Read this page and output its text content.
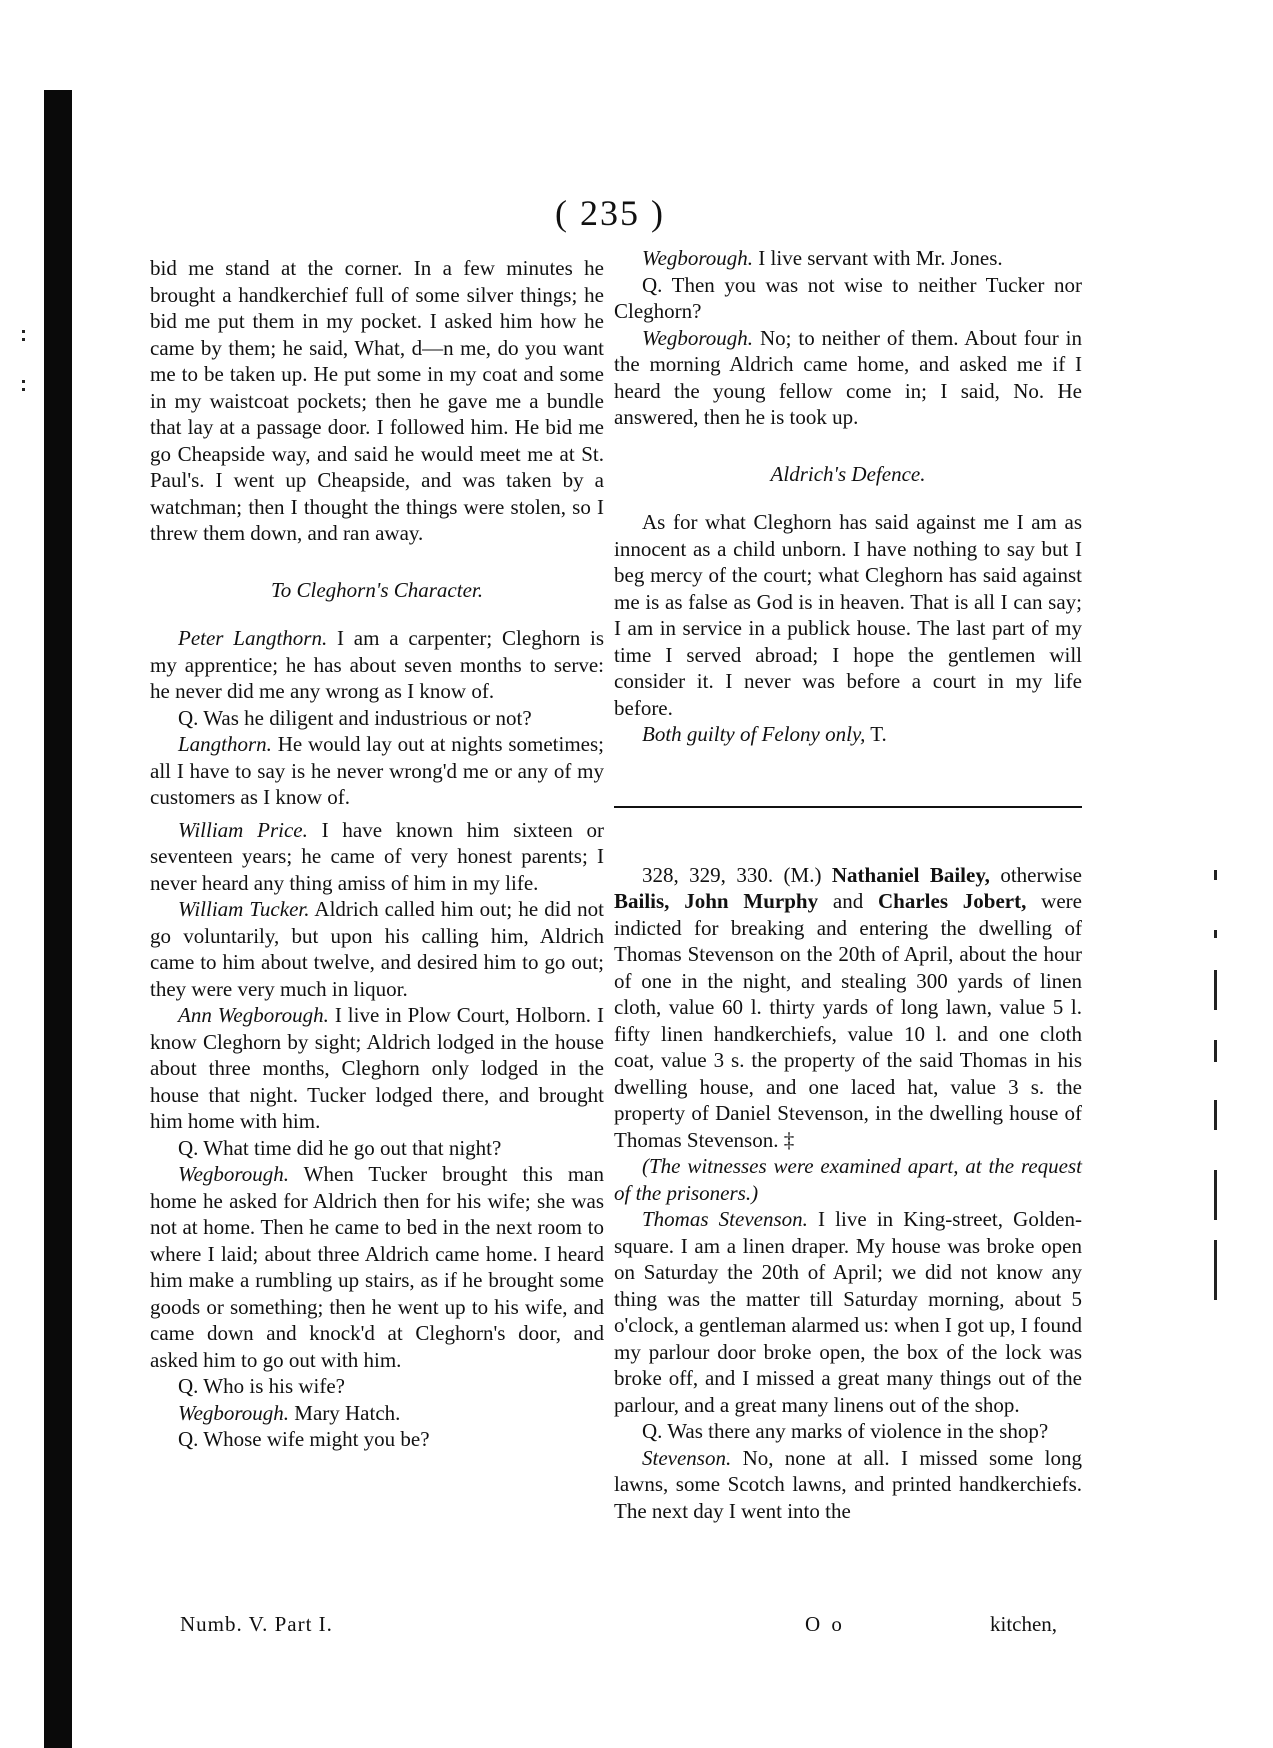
( 235 )

bid me stand at the corner. In a few minutes he brought a handkerchief full of some silver things; he bid me put them in my pocket. I asked him how he came by them; he said, What, d—n me, do you want me to be taken up. He put some in my coat and some in my waistcoat pockets; then he gave me a bundle that lay at a passage door. I followed him. He bid me go Cheapside way, and said he would meet me at St. Paul's. I went up Cheapside, and was taken by a watchman; then I thought the things were stolen, so I threw them down, and ran away.

To Cleghorn's Character.

Peter Langthorn. I am a carpenter; Cleghorn is my apprentice; he has about seven months to serve: he never did me any wrong as I know of.

Q. Was he diligent and industrious or not?

Langthorn. He would lay out at nights sometimes; all I have to say is he never wrong'd me or any of my customers as I know of.

William Price. I have known him sixteen or seventeen years; he came of very honest parents; I never heard any thing amiss of him in my life.

William Tucker. Aldrich called him out; he did not go voluntarily, but upon his calling him, Aldrich came to him about twelve, and desired him to go out; they were very much in liquor.

Ann Wegborough. I live in Plow Court, Holborn. I know Cleghorn by sight; Aldrich lodged in the house about three months, Cleghorn only lodged in the house that night. Tucker lodged there, and brought him home with him.

Q. What time did he go out that night?

Wegborough. When Tucker brought this man home he asked for Aldrich then for his wife; she was not at home. Then he came to bed in the next room to where I laid; about three Aldrich came home. I heard him make a rumbling up stairs, as if he brought some goods or something; then he went up to his wife, and came down and knock'd at Cleghorn's door, and asked him to go out with him.

Q. Who is his wife?

Wegborough. Mary Hatch.

Q. Whose wife might you be?

Wegborough. I live servant with Mr. Jones.

Q. Then you was not wise to neither Tucker nor Cleghorn?

Wegborough. No; to neither of them. About four in the morning Aldrich came home, and asked me if I heard the young fellow come in; I said, No. He answered, then he is took up.

Aldrich's Defence.

As for what Cleghorn has said against me I am as innocent as a child unborn. I have nothing to say but I beg mercy of the court; what Cleghorn has said against me is as false as God is in heaven. That is all I can say; I am in service in a publick house. The last part of my time I served abroad; I hope the gentlemen will consider it. I never was before a court in my life before.

Both guilty of Felony only, T.

328, 329, 330. (M.) Nathaniel Bailey, otherwise Bailis, John Murphy and Charles Jobert, were indicted for breaking and entering the dwelling of Thomas Stevenson on the 20th of April, about the hour of one in the night, and stealing 300 yards of linen cloth, value 60 l. thirty yards of long lawn, value 5 l. fifty linen handkerchiefs, value 10 l. and one cloth coat, value 3 s. the property of the said Thomas in his dwelling house, and one laced hat, value 3 s. the property of Daniel Stevenson, in the dwelling house of Thomas Stevenson. ‡

(The witnesses were examined apart, at the request of the prisoners.)

Thomas Stevenson. I live in King-street, Golden-square. I am a linen draper. My house was broke open on Saturday the 20th of April; we did not know any thing was the matter till Saturday morning, about 5 o'clock, a gentleman alarmed us: when I got up, I found my parlour door broke open, the box of the lock was broke off, and I missed a great many things out of the parlour, and a great many linens out of the shop.

Q. Was there any marks of violence in the shop?

Stevenson. No, none at all. I missed some long lawns, some Scotch lawns, and printed handkerchiefs. The next day I went into the

Numb. V. Part I.	O o	kitchen,
